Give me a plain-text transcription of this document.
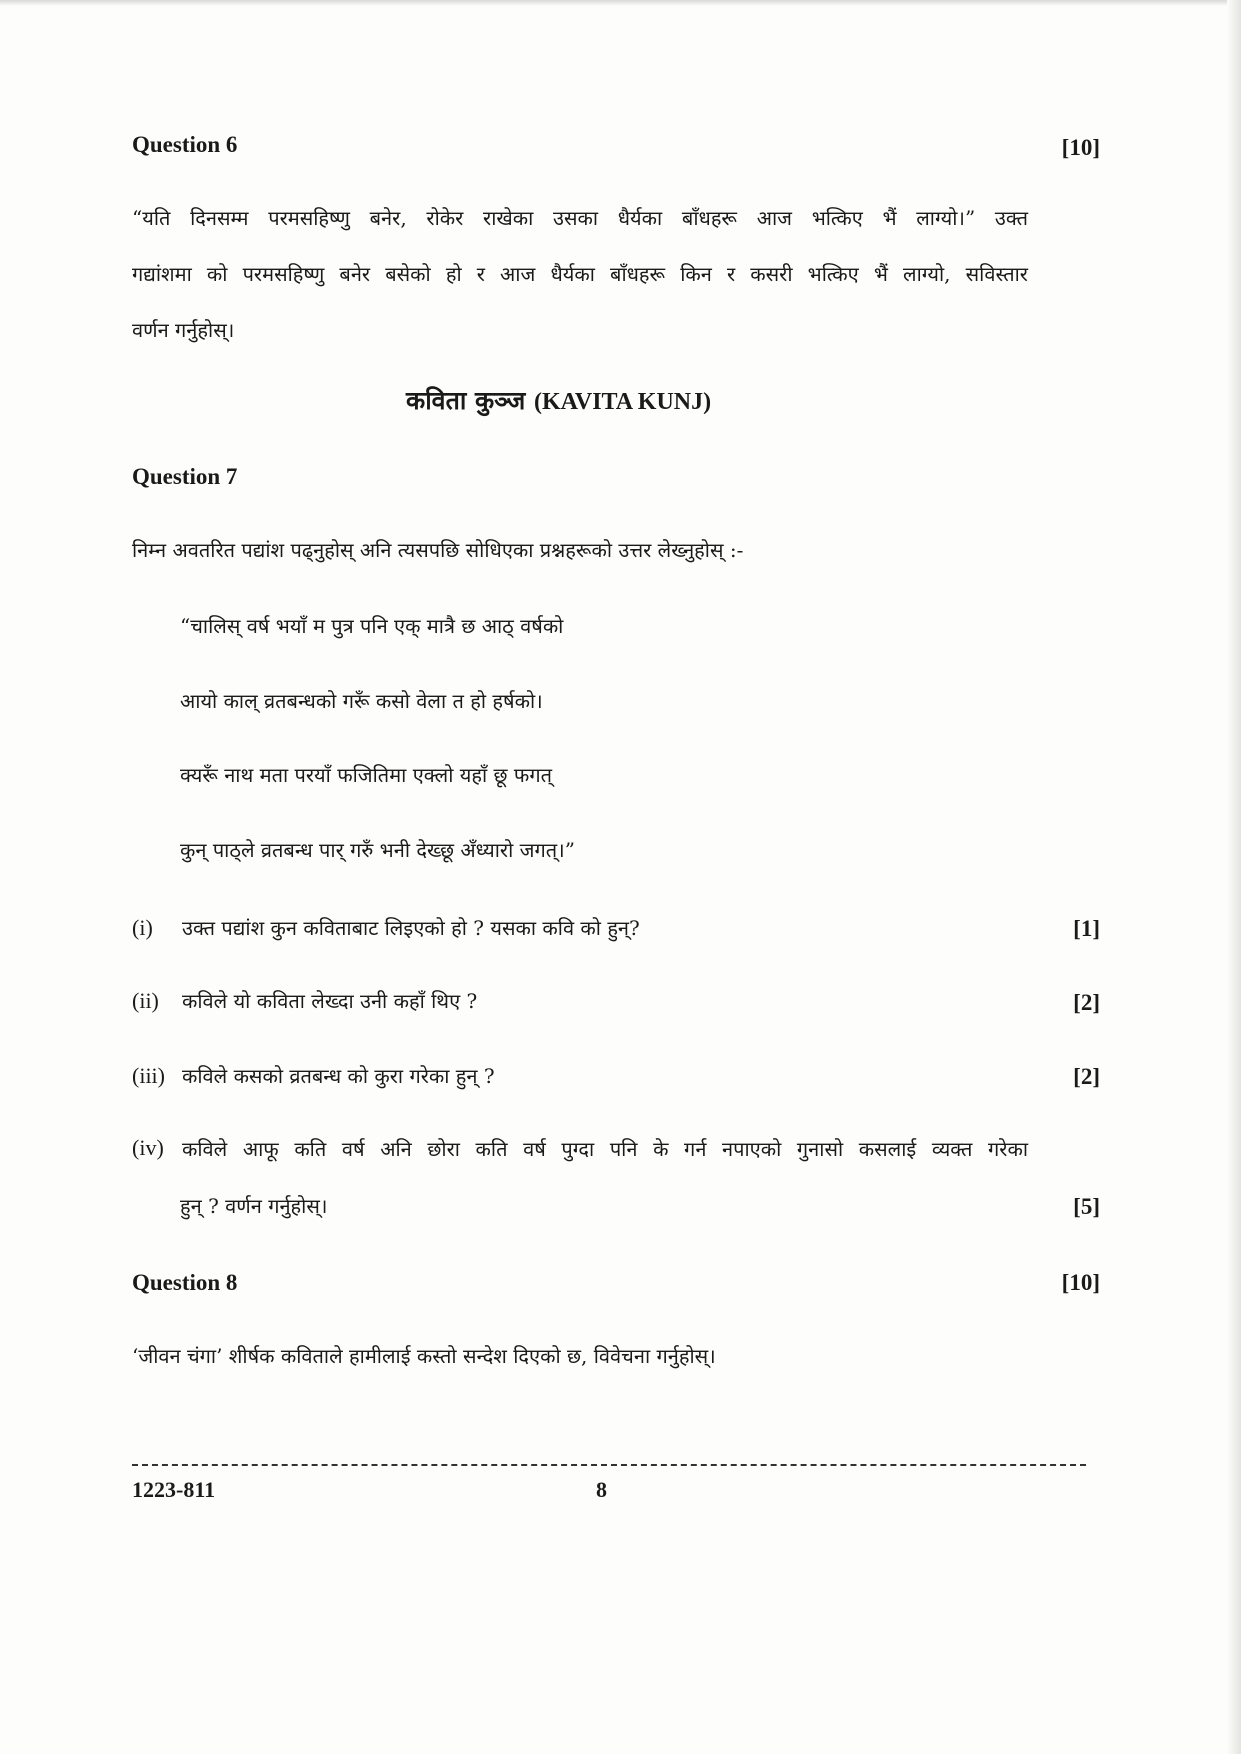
Question 6	[10]
“यति दिनसम्म परमसहिष्णु बनेर, रोकेर राखेका उसका धैर्यका बाँधहरू आज भत्किए भैं लाग्यो।” उक्त
गद्यांशमा को परमसहिष्णु बनेर बसेको हो र आज धैर्यका बाँधहरू किन र कसरी भत्किए भैं लाग्यो, सविस्तार
वर्णन गर्नुहोस्।
कविता कुञ्ज (KAVITA KUNJ)
Question 7
निम्न अवतरित पद्यांश पढ्नुहोस् अनि त्यसपछि सोधिएका प्रश्नहरूको उत्तर लेख्नुहोस् :-
“चालिस् वर्ष भयाँ म पुत्र पनि एक् मात्रै छ आठ् वर्षको
आयो काल् व्रतबन्धको गरूँ कसो वेला त हो हर्षको।
क्यरूँ नाथ मता परयाँ फजितिमा एक्लो यहाँ छू फगत्
कुन् पाठ्ले व्रतबन्ध पार् गरुँ भनी देख्छू अँध्यारो जगत्।”
(i) उक्त पद्यांश कुन कविताबाट लिइएको हो ? यसका कवि को हुन्?	[1]
(ii) कविले यो कविता लेख्दा उनी कहाँ थिए ?	[2]
(iii) कविले कसको व्रतबन्ध को कुरा गरेका हुन् ?	[2]
(iv) कविले आफू कति वर्ष अनि छोरा कति वर्ष पुग्दा पनि के गर्न नपाएको गुनासो कसलाई व्यक्त गरेका
हुन् ? वर्णन गर्नुहोस्।	[5]
Question 8	[10]
‘जीवन चंगा’ शीर्षक कविताले हामीलाई कस्तो सन्देश दिएको छ, विवेचना गर्नुहोस्।
1223-811	8
